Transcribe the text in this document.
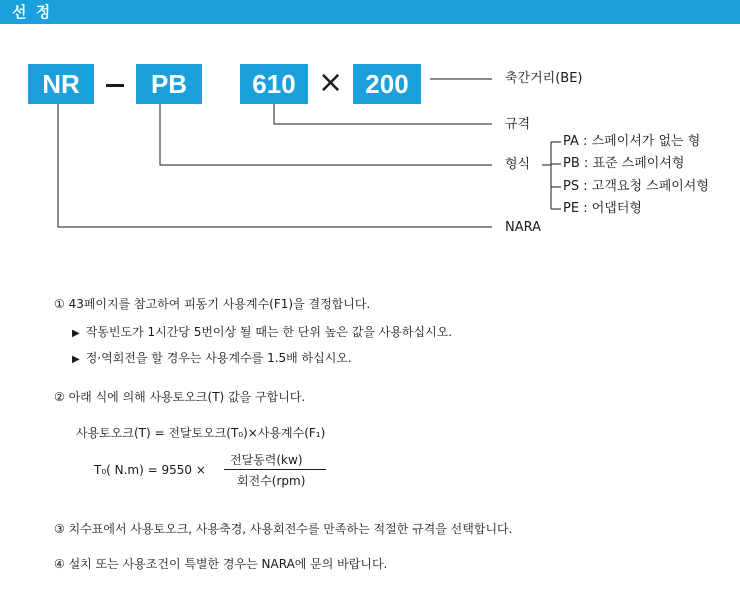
선 정
NR	PB	610 × 200	축간거리(BE)
규격
형식
NARA
PA : 스페이셔가 없는 형
PB : 표준 스페이셔형
PS : 고객요청 스페이셔형
PE : 어댑터형
① 43페이지를 참고하여 피동기 사용계수(F1)을 결정합니다.
▶ 작동빈도가 1시간당 5번이상 될 때는 한 단위 높은 값을 사용하십시오.
▶ 정·역회전을 할 경우는 사용계수를 1.5배 하십시오.
② 아래 식에 의해 사용토오크(T) 값을 구합니다.
사용토오크(T) = 전달토오크(T₀)×사용계수(F₁)
T₀( N.m) = 9550 ×
전달동력(kw)
회전수(rpm)
③ 치수표에서 사용토오크, 사용축경, 사용회전수를 만족하는 적절한 규격을 선택합니다.
④ 설치 또는 사용조건이 특별한 경우는 NARA에 문의 바랍니다.
